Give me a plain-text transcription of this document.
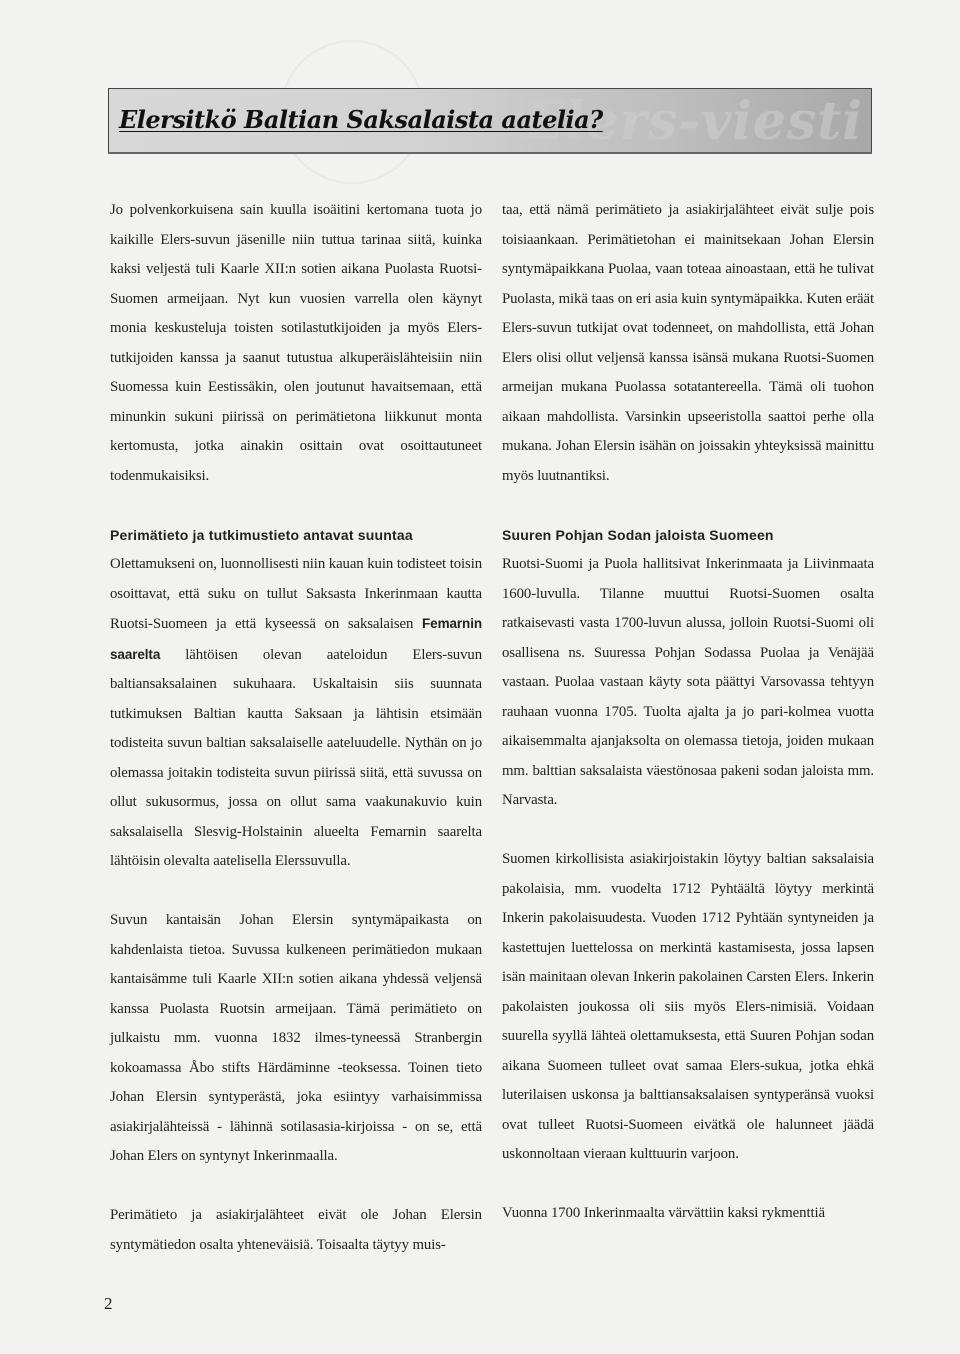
Elers-viesti
Elersitkö Baltian Saksalaista aatelia?

Jo polvenkorkuisena sain kuulla isoäitini kertomana tuota jo kaikille Elers-suvun jäsenille niin tuttua tarinaa siitä, kuinka kaksi veljestä tuli Kaarle XII:n sotien aikana Puolasta Ruotsi-Suomen armeijaan. Nyt kun vuosien varrella olen käynyt monia keskusteluja toisten sotilastutkijoiden ja myös Elers-tutkijoiden kanssa ja saanut tutustua alkuperäislähteisiin niin Suomessa kuin Eestissäkin, olen joutunut havaitsemaan, että minunkin sukuni piirissä on perimätietona liikkunut monta kertomusta, jotka ainakin osittain ovat osoittautuneet todenmukaisiksi.

Perimätieto ja tutkimustieto antavat suuntaa

Olettamukseni on, luonnollisesti niin kauan kuin todisteet toisin osoittavat, että suku on tullut Saksasta Inkerinmaan kautta Ruotsi-Suomeen ja että kyseessä on saksalaisen Femarnin saarelta lähtöisen olevan aateloidun Elers-suvun baltiansaksalainen sukuhaara. Uskaltaisin siis suunnata tutkimuksen Baltian kautta Saksaan ja lähtisin etsimään todisteita suvun baltian saksalaiselle aateluudelle. Nythän on jo olemassa joitakin todisteita suvun piirissä siitä, että suvussa on ollut sukusormus, jossa on ollut sama vaakunakuvio kuin saksalaisella Slesvig-Holstainin alueelta Femarnin saarelta lähtöisin olevalta aatelisella Elerssuvulla.

Suvun kantaisän Johan Elersin syntymäpaikasta on kahdenlaista tietoa. Suvussa kulkeneen perimätiedon mukaan kantaisämme tuli Kaarle XII:n sotien aikana yhdessä veljensä kanssa Puolasta Ruotsin armeijaan. Tämä perimätieto on julkaistu mm. vuonna 1832 ilmes-tyneessä Stranbergin kokoamassa Åbo stifts Härdäminne -teoksessa. Toinen tieto Johan Elersin syntyperästä, joka esiintyy varhaisimmissa asiakirjalähteissä - lähinnä sotilasasia-kirjoissa - on se, että Johan Elers on syntynyt Inkerinmaalla.

Perimätieto ja asiakirjalähteet eivät ole Johan Elersin syntymätiedon osalta yhteneväisiä. Toisaalta täytyy muis-

taa, että nämä perimätieto ja asiakirjalähteet eivät sulje pois toisiaankaan. Perimätietohan ei mainitsekaan Johan Elersin syntymäpaikkana Puolaa, vaan toteaa ainoastaan, että he tulivat Puolasta, mikä taas on eri asia kuin syntymäpaikka. Kuten eräät Elers-suvun tutkijat ovat todenneet, on mahdollista, että Johan Elers olisi ollut veljensä kanssa isänsä mukana Ruotsi-Suomen armeijan mukana Puolassa sotatantereella. Tämä oli tuohon aikaan mahdollista. Varsinkin upseeristolla saattoi perhe olla mukana. Johan Elersin isähän on joissakin yhteyksissä mainittu myös luutnantiksi.

Suuren Pohjan Sodan jaloista Suomeen

Ruotsi-Suomi ja Puola hallitsivat Inkerinmaata ja Liivinmaata 1600-luvulla. Tilanne muuttui Ruotsi-Suomen osalta ratkaisevasti vasta 1700-luvun alussa, jolloin Ruotsi-Suomi oli osallisena ns. Suuressa Pohjan Sodassa Puolaa ja Venäjää vastaan. Puolaa vastaan käyty sota päättyi Varsovassa tehtyyn rauhaan vuonna 1705. Tuolta ajalta ja jo pari-kolmea vuotta aikaisemmalta ajanjaksolta on olemassa tietoja, joiden mukaan mm. balttian saksalaista väestönosaa pakeni sodan jaloista mm. Narvasta.

Suomen kirkollisista asiakirjoistakin löytyy baltian saksalaisia pakolaisia, mm. vuodelta 1712 Pyhtäältä löytyy merkintä Inkerin pakolaisuudesta. Vuoden 1712 Pyhtään syntyneiden ja kastettujen luettelossa on merkintä kastamisesta, jossa lapsen isän mainitaan olevan Inkerin pakolainen Carsten Elers. Inkerin pakolaisten joukossa oli siis myös Elers-nimisiä. Voidaan suurella syyllä lähteä olettamuksesta, että Suuren Pohjan sodan aikana Suomeen tulleet ovat samaa Elers-sukua, jotka ehkä luterilaisen uskonsa ja balttiansaksalaisen syntyperänsä vuoksi ovat tulleet Ruotsi-Suomeen eivätkä ole halunneet jäädä uskonnoltaan vieraan kulttuurin varjoon.

Vuonna 1700 Inkerinmaalta värvättiin kaksi rykmenttiä

2
